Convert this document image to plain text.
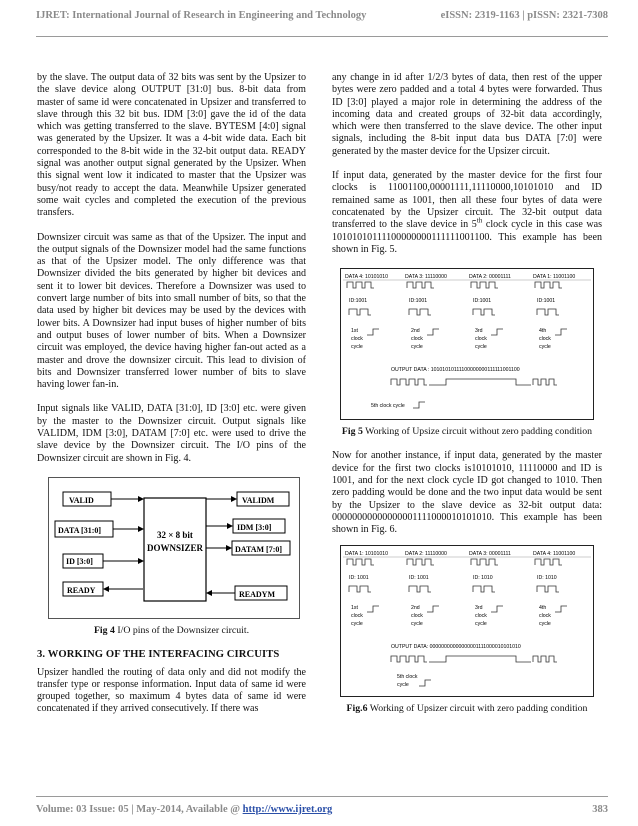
IJRET: International Journal of Research in Engineering and Technology	eISSN: 2319-1163 | pISSN: 2321-7308

by the slave. The output data of 32 bits was sent by the Upsizer to the slave device along OUTPUT [31:0] bus. 8-bit data from master of same id were concatenated in Upsizer and transferred to slave through this 32 bit bus. IDM [3:0] gave the id of the data which was getting transferred to the slave. BYTESM [4:0] signal was generated by the Upsizer. It was a 4-bit wide data. Each bit corresponded to the 8-bit wide in the 32-bit output data. READY signal was another output signal generated by the Upsizer. When this signal went low it indicated to master that the Upsizer was busy/not ready to accept the data. Meanwhile Upsizer generated some wait cycles and completed the execution of the previous transfers.

Downsizer circuit was same as that of the Upsizer. The input and the output signals of the Downsizer model had the same functions as that of the Upsizer model. The only difference was that Downsizer divided the bits generated by higher bit devices and sent it to lower bit devices. Therefore a Downsizer was used to convert large number of bits into small number of bits, so that the data used by higher bit devices may be used by the devices with lower bits. A Downsizer had input buses of higher number of bits and output buses of lower number of bits. When a Downsizer circuit was employed, the device having higher fan-out acted as a master and drove the downsizer circuit. This lead to division of bits and Downsizer transferred lower number of bits to slave having lower fan-in.

Input signals like VALID, DATA [31:0], ID [3:0] etc. were given by the master to the Downsizer circuit. Output signals like VALIDM, IDM [3:0], DATAM [7:0] etc. were used to drive the slave device by the Downsizer circuit. The I/O pins of the Downsizer circuit are shown in Fig. 4.

32 × 8 bit
DOWNSIZER
VALID
DATA [31:0]
ID [3:0]
READY
VALIDM
IDM [3:0]
DATAM [7:0]
READYM
Fig 4 I/O pins of the Downsizer circuit.
3. WORKING OF THE INTERFACING CIRCUITS

Upsizer handled the routing of data only and did not modify the transfer type or response information. Input data of same id were grouped together, so maximum 4 bytes data of same id were concatenated if they arrived consecutively. If there was

any change in id after 1/2/3 bytes of data, then rest of the upper bytes were zero padded and a total 4 bytes were forwarded. Thus ID [3:0] played a major role in determining the address of the incoming data and created groups of 32-bit data accordingly, which were then transferred to the slave device. The other input signals, including the 8-bit input data bus DATA [7:0] were generated by the master device for the Upsizer circuit.

If input data, generated by the master device for the first four clocks is 11001100,00001111,11110000,10101010 and ID remained same as 1001, then all these four bytes of data were concatenated by the Upsizer circuit. The 32-bit output data transferred to the slave device in 5th clock cycle in this case was 10101010111100000000111111001100. This example has been shown in Fig. 5.

DATA 4: 10101010	DATA 3: 11110000	DATA 2: 00001111	DATA 1: 11001100
ID:1001	ID:1001	ID:1001	ID:1001
1st
clock
cycle
2nd
clock
cycle
3rd
clock
cycle
4th
clock
cycle
OUTPUT DATA : 10101010111100000000111111001100
5th clock cycle
Fig 5 Working of Upsize circuit without zero padding condition

Now for another instance, if input data, generated by the master device for the first two clocks is10101010, 11110000 and ID is 1001, and for the next clock cycle ID got changed to 1010. Then zero padding would be done and the two input data would be sent by the Upsizer to the slave device as 32-bit output data: 00000000000000001111000010101010. This example has been shown in Fig. 6.

DATA 1: 10101010	DATA 2: 11110000	DATA 3: 00001111	DATA 4: 11001100
ID: 1001	ID: 1001	ID: 1010	ID: 1010
1st
clock
cycle
2nd
clock
cycle
3rd
clock
cycle
4th
clock
cycle
OUTPUT DATA: 00000000000000001111000010101010
5th clock
cycle
Fig.6 Working of Upsizer circuit with zero padding condition
Volume: 03 Issue: 05 | May-2014, Available @ http://www.ijret.org	383
